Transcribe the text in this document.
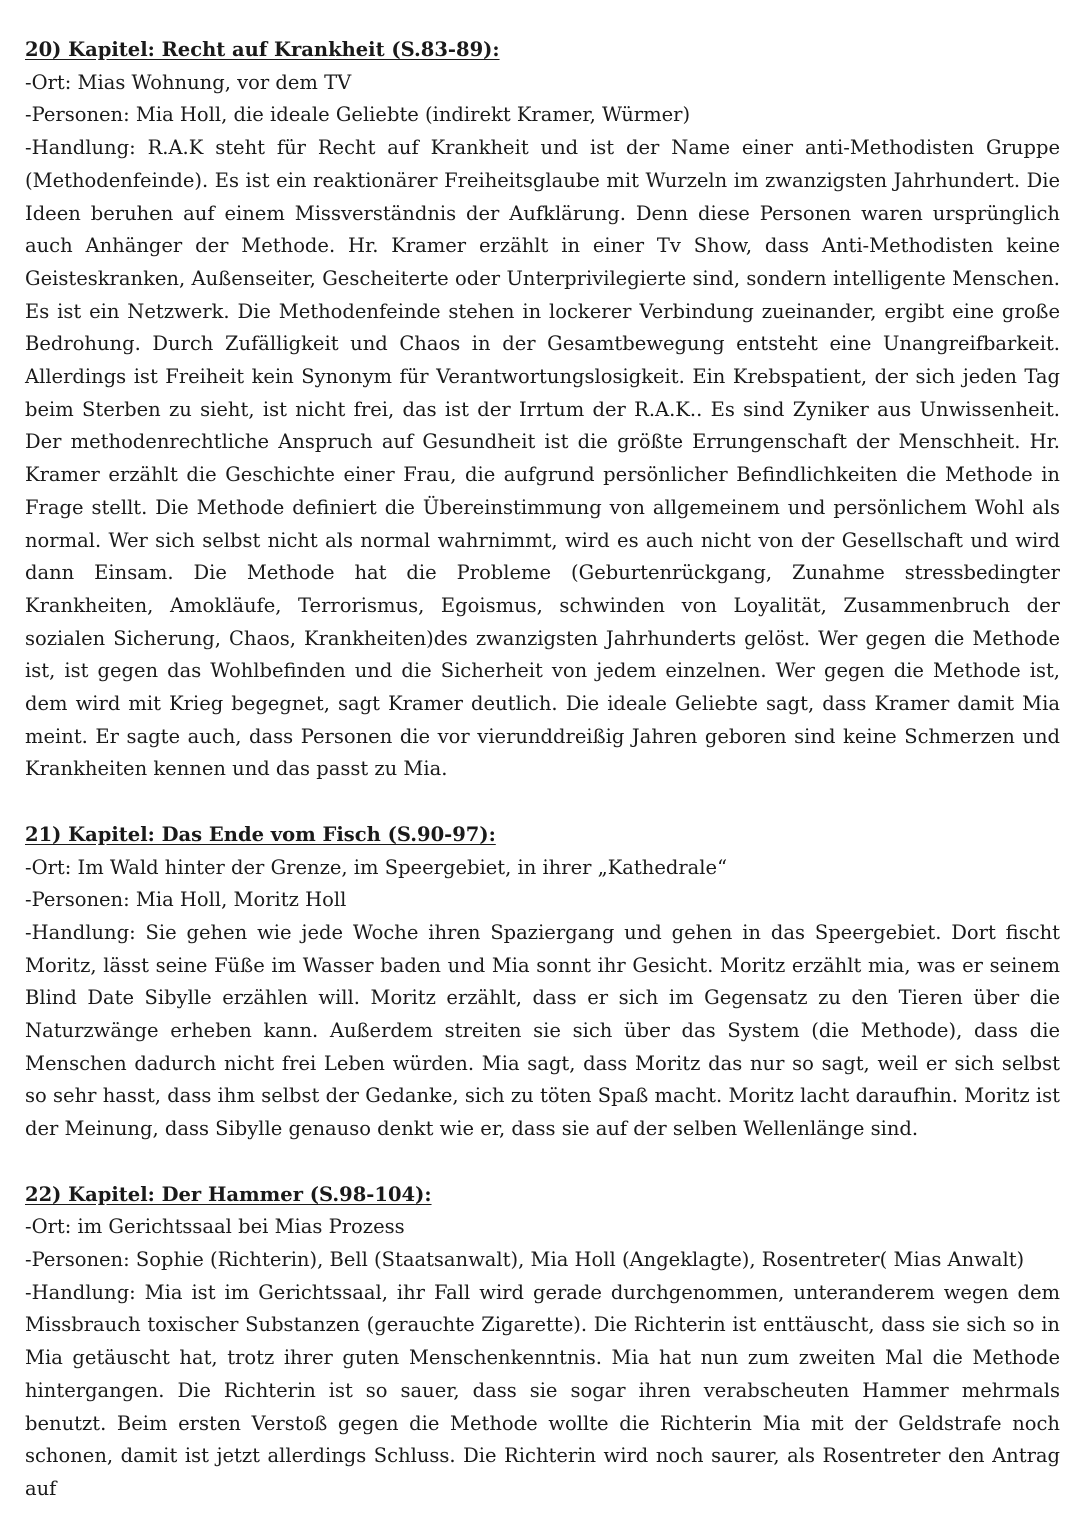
20) Kapitel: Recht auf Krankheit (S.83-89):

-Ort: Mias Wohnung, vor dem TV

-Personen: Mia Holl, die ideale Geliebte (indirekt Kramer, Würmer)

-Handlung: R.A.K steht für Recht auf Krankheit und ist der Name einer anti-Methodisten Gruppe (Methodenfeinde). Es ist ein reaktionärer Freiheitsglaube mit Wurzeln im zwanzigsten Jahrhundert. Die Ideen beruhen auf einem Missverständnis der Aufklärung. Denn diese Personen waren ursprünglich auch Anhänger der Methode. Hr. Kramer erzählt in einer Tv Show, dass Anti-Methodisten keine Geisteskranken, Außenseiter, Gescheiterte oder Unterprivilegierte sind, sondern intelligente Menschen. Es ist ein Netzwerk. Die Methodenfeinde stehen in lockerer Verbindung zueinander, ergibt eine große Bedrohung. Durch Zufälligkeit und Chaos in der Gesamtbewegung entsteht eine Unangreifbarkeit. Allerdings ist Freiheit kein Synonym für Verantwortungslosigkeit. Ein Krebspatient, der sich jeden Tag beim Sterben zu sieht, ist nicht frei, das ist der Irrtum der R.A.K.. Es sind Zyniker aus Unwissenheit. Der methodenrechtliche Anspruch auf Gesundheit ist die größte Errungenschaft der Menschheit. Hr. Kramer erzählt die Geschichte einer Frau, die aufgrund persönlicher Befindlichkeiten die Methode in Frage stellt. Die Methode definiert die Übereinstimmung von allgemeinem und persönlichem Wohl als normal. Wer sich selbst nicht als normal wahrnimmt, wird es auch nicht von der Gesellschaft und wird dann Einsam. Die Methode hat die Probleme (Geburtenrückgang, Zunahme stressbedingter Krankheiten, Amokläufe, Terrorismus, Egoismus, schwinden von Loyalität, Zusammenbruch der sozialen Sicherung, Chaos, Krankheiten)des zwanzigsten Jahrhunderts gelöst. Wer gegen die Methode ist, ist gegen das Wohlbefinden und die Sicherheit von jedem einzelnen. Wer gegen die Methode ist, dem wird mit Krieg begegnet, sagt Kramer deutlich. Die ideale Geliebte sagt, dass Kramer damit Mia meint. Er sagte auch, dass Personen die vor vierunddreißig Jahren geboren sind keine Schmerzen und Krankheiten kennen und das passt zu Mia.

21) Kapitel: Das Ende vom Fisch (S.90-97):

-Ort: Im Wald hinter der Grenze, im Speergebiet, in ihrer „Kathedrale“

-Personen: Mia Holl, Moritz Holl

-Handlung: Sie gehen wie jede Woche ihren Spaziergang und gehen in das Speergebiet. Dort fischt Moritz, lässt seine Füße im Wasser baden und Mia sonnt ihr Gesicht. Moritz erzählt mia, was er seinem Blind Date Sibylle erzählen will. Moritz erzählt, dass er sich im Gegensatz zu den Tieren über die Naturzwänge erheben kann. Außerdem streiten sie sich über das System (die Methode), dass die Menschen dadurch nicht frei Leben würden. Mia sagt, dass Moritz das nur so sagt, weil er sich selbst so sehr hasst, dass ihm selbst der Gedanke, sich zu töten Spaß macht. Moritz lacht daraufhin. Moritz ist der Meinung, dass Sibylle genauso denkt wie er, dass sie auf der selben Wellenlänge sind.

22) Kapitel: Der Hammer (S.98-104):

-Ort: im Gerichtssaal bei Mias Prozess

-Personen: Sophie (Richterin), Bell (Staatsanwalt), Mia Holl (Angeklagte), Rosentreter( Mias Anwalt)

-Handlung: Mia ist im Gerichtssaal, ihr Fall wird gerade durchgenommen, unteranderem wegen dem Missbrauch toxischer Substanzen (gerauchte Zigarette). Die Richterin ist enttäuscht, dass sie sich so in Mia getäuscht hat, trotz ihrer guten Menschenkenntnis. Mia hat nun zum zweiten Mal die Methode hintergangen. Die Richterin ist so sauer, dass sie sogar ihren verabscheuten Hammer mehrmals benutzt. Beim ersten Verstoß gegen die Methode wollte die Richterin Mia mit der Geldstrafe noch schonen, damit ist jetzt allerdings Schluss. Die Richterin wird noch saurer, als Rosentreter den Antrag auf
